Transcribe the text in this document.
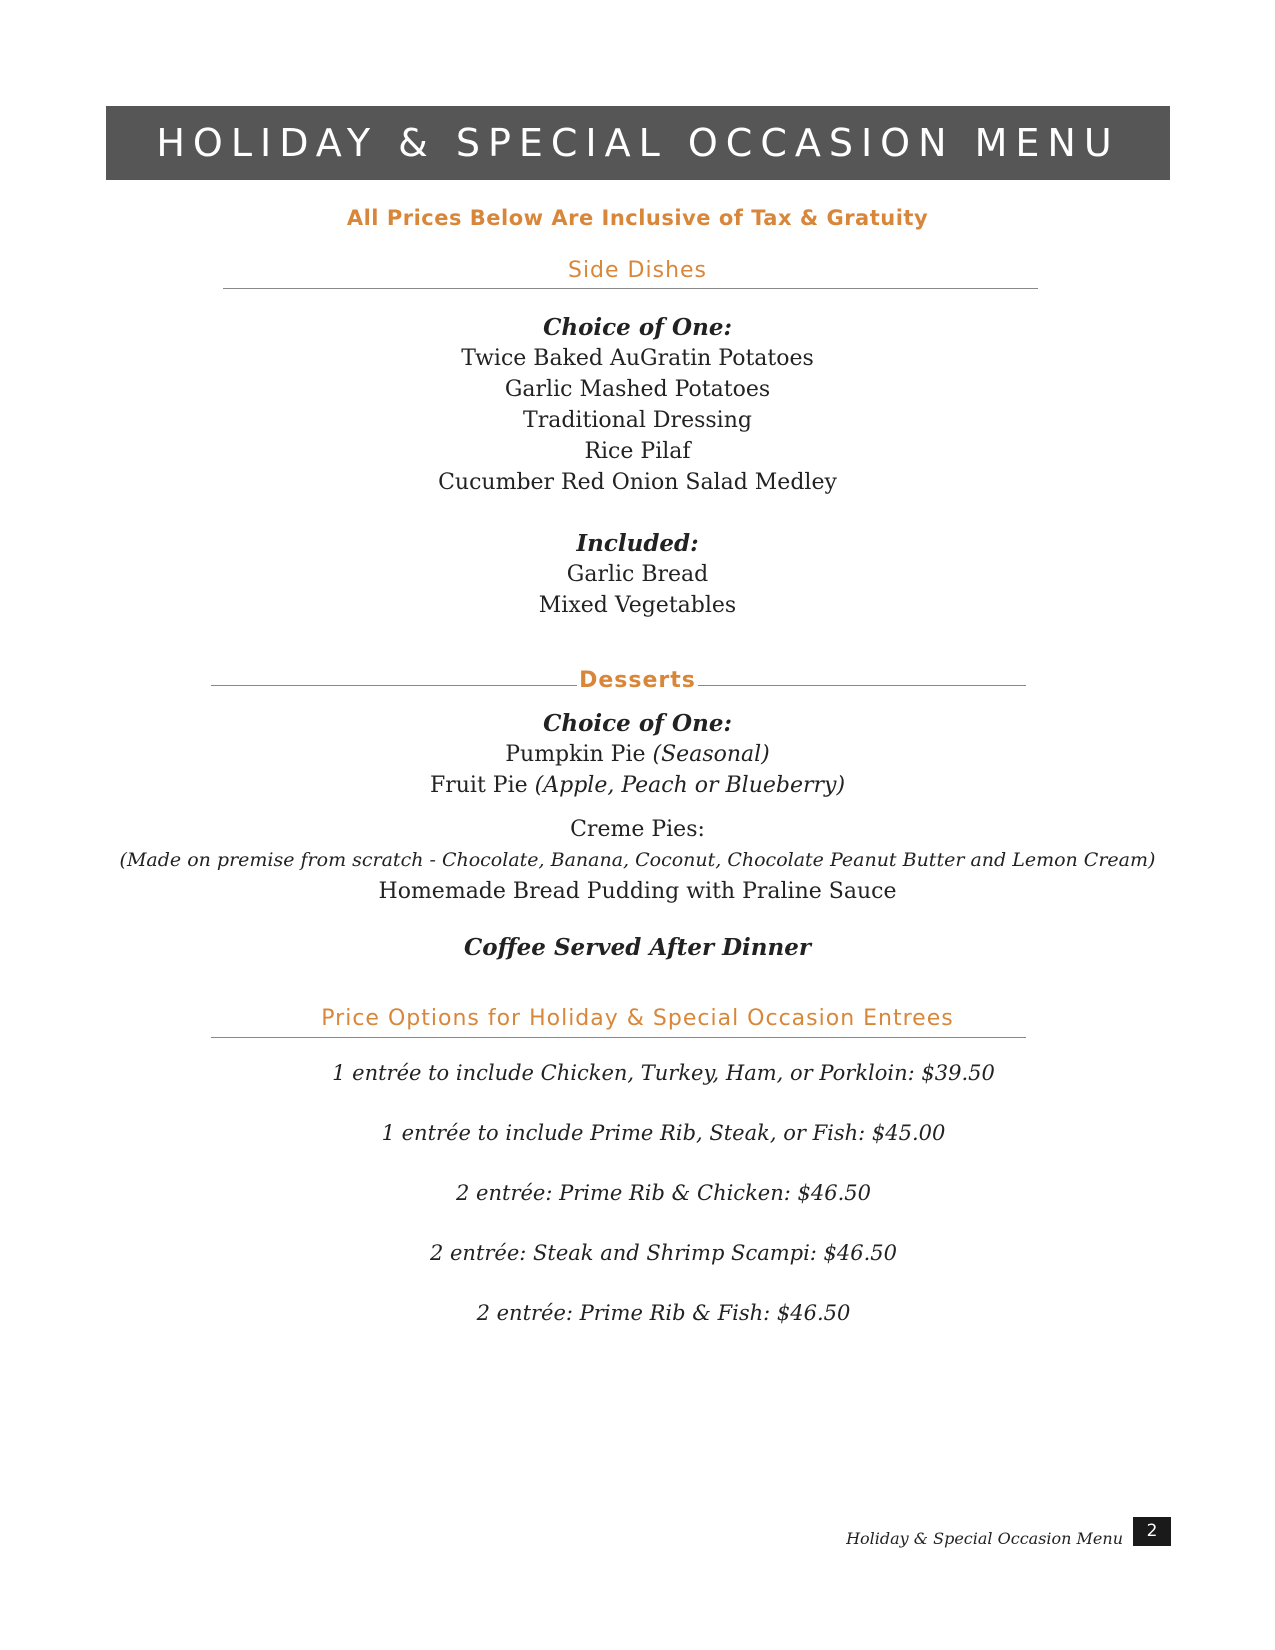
HOLIDAY & SPECIAL OCCASION MENU
All Prices Below Are Inclusive of Tax & Gratuity
Side Dishes
Choice of One:
Twice Baked AuGratin Potatoes
Garlic Mashed Potatoes
Traditional Dressing
Rice Pilaf
Cucumber Red Onion Salad Medley
Included:
Garlic Bread
Mixed Vegetables
Desserts
Choice of One:
Pumpkin Pie (Seasonal)
Fruit Pie (Apple, Peach or Blueberry)
Creme Pies:
(Made on premise from scratch - Chocolate, Banana, Coconut, Chocolate Peanut Butter and Lemon Cream)
Homemade Bread Pudding with Praline Sauce
Coffee Served After Dinner
Price Options for Holiday & Special Occasion Entrees
1 entrée to include Chicken, Turkey, Ham, or Porkloin: $39.50
1 entrée to include Prime Rib, Steak, or Fish: $45.00
2 entrée: Prime Rib & Chicken: $46.50
2 entrée: Steak and Shrimp Scampi: $46.50
2 entrée: Prime Rib & Fish: $46.50
Holiday & Special Occasion Menu	2
